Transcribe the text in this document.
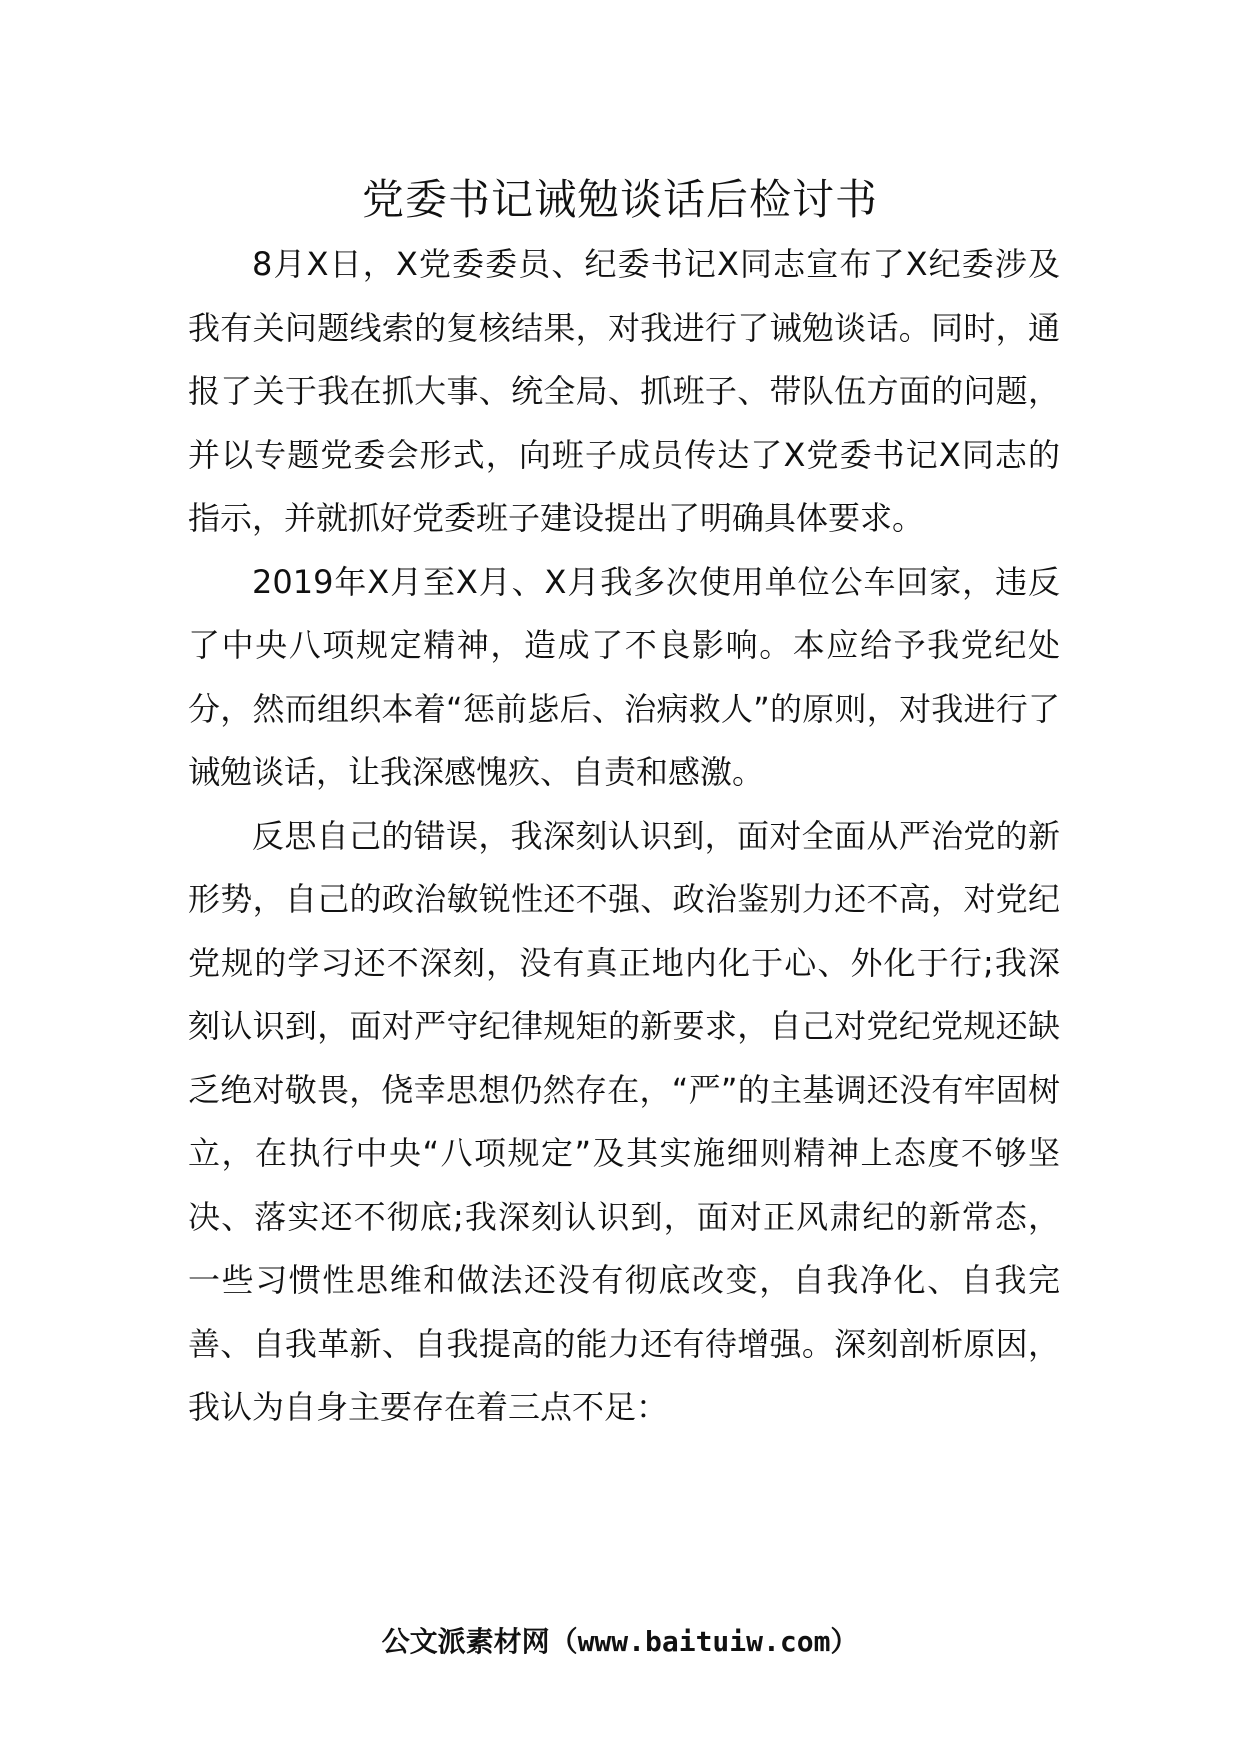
党委书记诫勉谈话后检讨书

8月X日，X党委委员、纪委书记X同志宣布了X纪委涉及我有关问题线索的复核结果，对我进行了诫勉谈话。同时，通报了关于我在抓大事、统全局、抓班子、带队伍方面的问题，并以专题党委会形式，向班子成员传达了X党委书记X同志的指示，并就抓好党委班子建设提出了明确具体要求。

2019年X月至X月、X月我多次使用单位公车回家，违反了中央八项规定精神，造成了不良影响。本应给予我党纪处分，然而组织本着“惩前毖后、治病救人”的原则，对我进行了诫勉谈话，让我深感愧疚、自责和感激。

反思自己的错误，我深刻认识到，面对全面从严治党的新形势，自己的政治敏锐性还不强、政治鉴别力还不高，对党纪党规的学习还不深刻，没有真正地内化于心、外化于行;我深刻认识到，面对严守纪律规矩的新要求，自己对党纪党规还缺乏绝对敬畏，侥幸思想仍然存在，“严”的主基调还没有牢固树立，在执行中央“八项规定”及其实施细则精神上态度不够坚决、落实还不彻底;我深刻认识到，面对正风肃纪的新常态，一些习惯性思维和做法还没有彻底改变，自我净化、自我完善、自我革新、自我提高的能力还有待增强。深刻剖析原因，我认为自身主要存在着三点不足：

公文派素材网（www.baituiw.com）
